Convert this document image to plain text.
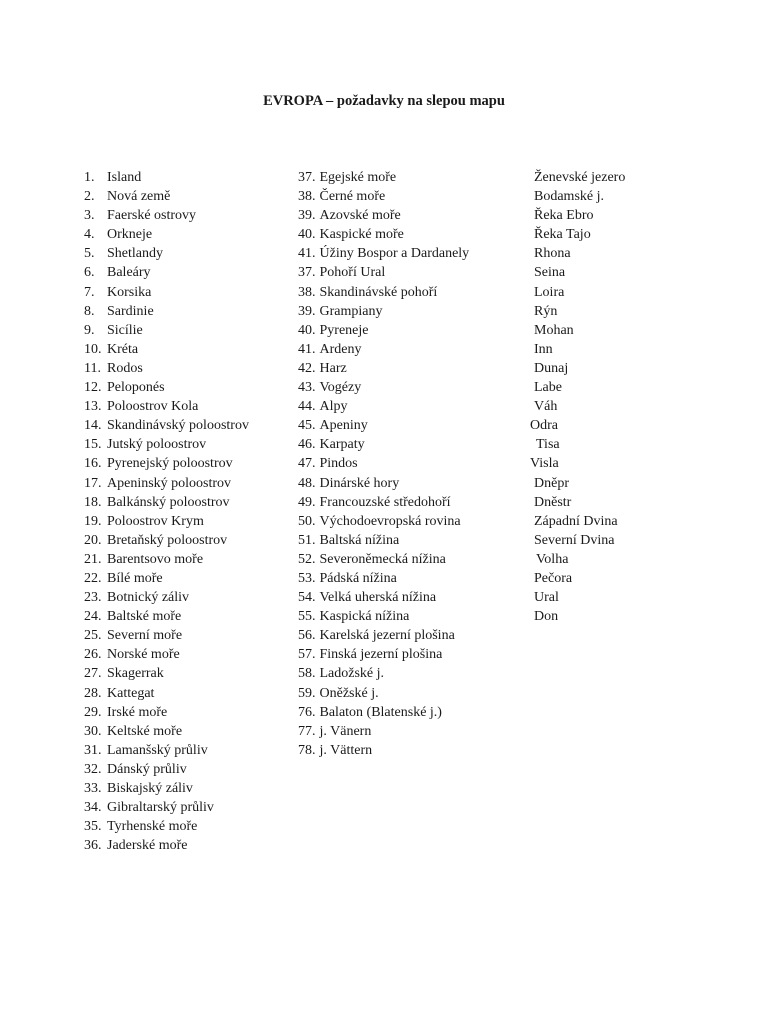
EVROPA – požadavky na slepou mapu
1. Island
2. Nová země
3. Faerské ostrovy
4. Orkneje
5. Shetlandy
6. Baleáry
7. Korsika
8. Sardinie
9. Sicílie
10. Kréta
11. Rodos
12. Peloponés
13. Poloostrov Kola
14. Skandinávský poloostrov
15. Jutský poloostrov
16. Pyrenejský poloostrov
17. Apeninský poloostrov
18. Balkánský poloostrov
19. Poloostrov Krym
20. Bretaňský poloostrov
21. Barentsovo moře
22. Bílé moře
23. Botnický záliv
24. Baltské moře
25. Severní moře
26. Norské moře
27. Skagerrak
28. Kattegat
29. Irské moře
30. Keltské moře
31. Lamanšský průliv
32. Dánský průliv
33. Biskajský záliv
34. Gibraltarský průliv
35. Tyrhenské moře
36. Jaderské moře
37. Egejské moře
38. Černé moře
39. Azovské moře
40. Kaspické moře
41. Úžiny Bospor a Dardanely
37. Pohoří Ural
38. Skandinávské pohoří
39. Grampiany
40. Pyreneje
41. Ardeny
42. Harz
43. Vogézy
44. Alpy
45. Apeniny
46. Karpaty
47. Pindos
48. Dinárské hory
49. Francouzské středohoří
50. Východoevropská rovina
51. Baltská nížina
52. Severoněmecká nížina
53. Pádská nížina
54. Velká uherská nížina
55. Kaspická nížina
56. Karelská jezerní plošina
57. Finská jezerní plošina
58. Ladožské j.
59. Oněžské j.
76. Balaton (Blatenské j.)
77. j. Vänern
78. j. Vättern
Ženevské jezero
Bodamské j.
Řeka Ebro
Řeka Tajo
Rhona
Seina
Loira
Rýn
Mohan
Inn
Dunaj
Labe
Váh
Odra
Tisa
Visla
Dněpr
Dněstr
Západní Dvina
Severní Dvina
Volha
Pečora
Ural
Don
